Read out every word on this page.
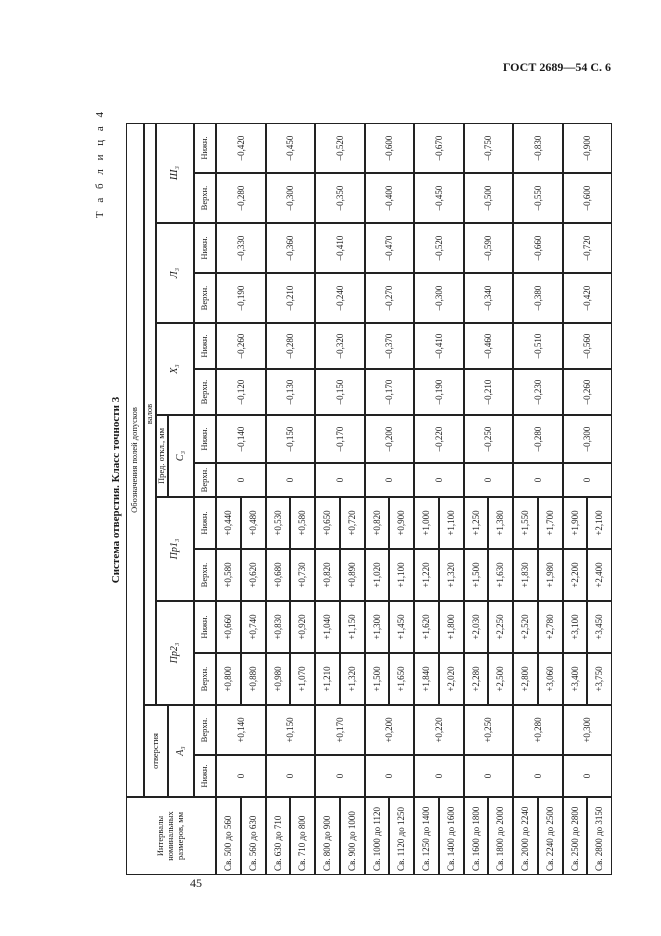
ГОСТ 2689—54 С. 6
45
Т а б л и ц а 4
Система отверстия. Класс точности 3
Интервалы номинальных размеров, мм
Обозначения полей допусков
отверстия
валов
Пред. откл., мм
А₃
Пр2₃
Пр1₃
С₃
Х₃
Л₃
Ш₃
Нижн.
Верхн.
Верхн.
Нижн.
Верхн.
Нижн.
Верхн.
Нижн.
Верхн.
Нижн.
Верхн.
Нижн.
Верхн.
Нижн.
Св. 500 до 560
+0,800
+0,660
+0,580
+0,440
0
+0,140
0
–0,140
–0,120
–0,260
–0,190
–0,330
–0,280
–0,420
Св. 560 до 630
+0,880
+0,740
+0,620
+0,480
Св. 630 до 710
+0,980
+0,830
+0,680
+0,530
0
+0,150
0
–0,150
–0,130
–0,280
–0,210
–0,360
–0,300
–0,450
Св. 710 до 800
+1,070
+0,920
+0,730
+0,580
Св. 800 до 900
+1,210
+1,040
+0,820
+0,650
0
+0,170
0
–0,170
–0,150
–0,320
–0,240
–0,410
–0,350
–0,520
Св. 900 до 1000
+1,320
+1,150
+0,890
+0,720
Св. 1000 до 1120
+1,500
+1,300
+1,020
+0,820
0
+0,200
0
–0,200
–0,170
–0,370
–0,270
–0,470
–0,400
–0,600
Св. 1120 до 1250
+1,650
+1,450
+1,100
+0,900
Св. 1250 до 1400
+1,840
+1,620
+1,220
+1,000
0
+0,220
0
–0,220
–0,190
–0,410
–0,300
–0,520
–0,450
–0,670
Св. 1400 до 1600
+2,020
+1,800
+1,320
+1,100
Св. 1600 до 1800
+2,280
+2,030
+1,500
+1,250
0
+0,250
0
–0,250
–0,210
–0,460
–0,340
–0,590
–0,500
–0,750
Св. 1800 до 2000
+2,500
+2,250
+1,630
+1,380
Св. 2000 до 2240
+2,800
+2,520
+1,830
+1,550
0
+0,280
0
–0,280
–0,230
–0,510
–0,380
–0,660
–0,550
–0,830
Св. 2240 до 2500
+3,060
+2,780
+1,980
+1,700
Св. 2500 до 2800
+3,400
+3,100
+2,200
+1,900
0
+0,300
0
–0,300
–0,260
–0,560
–0,420
–0,720
–0,600
–0,900
Св. 2800 до 3150
+3,750
+3,450
+2,400
+2,100
